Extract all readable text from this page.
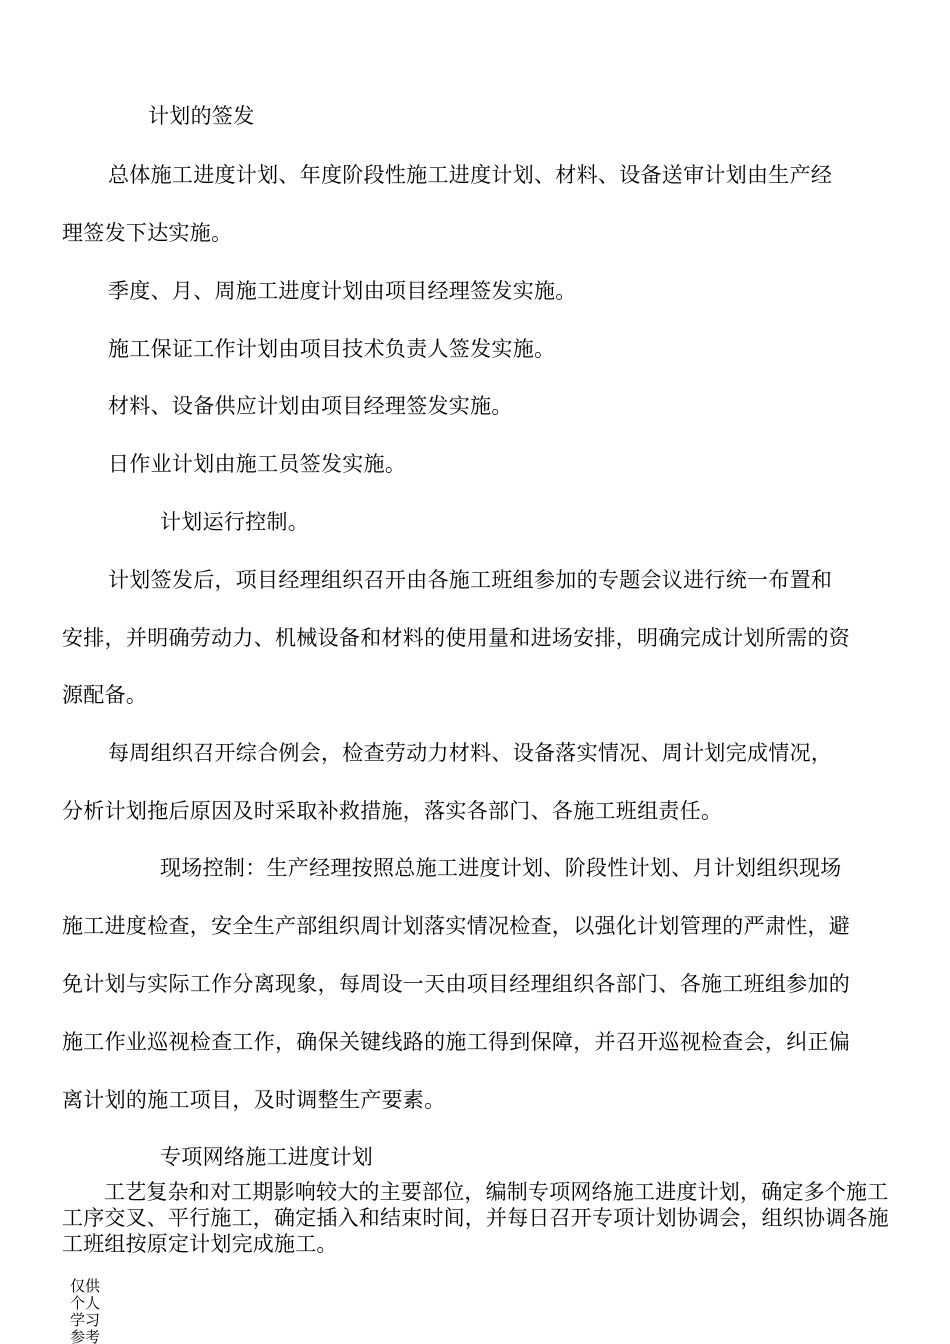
计划的签发
总体施工进度计划、年度阶段性施工进度计划、材料、设备送审计划由生产经
理签发下达实施。
季度、月、周施工进度计划由项目经理签发实施。
施工保证工作计划由项目技术负责人签发实施。
材料、设备供应计划由项目经理签发实施。
日作业计划由施工员签发实施。
计划运行控制。
计划签发后，项目经理组织召开由各施工班组参加的专题会议进行统一布置和
安排，并明确劳动力、机械设备和材料的使用量和进场安排，明确完成计划所需的资
源配备。
每周组织召开综合例会，检查劳动力材料、设备落实情况、周计划完成情况，
分析计划拖后原因及时采取补救措施，落实各部门、各施工班组责任。
现场控制：生产经理按照总施工进度计划、阶段性计划、月计划组织现场
施工进度检查，安全生产部组织周计划落实情况检查，以强化计划管理的严肃性，避
免计划与实际工作分离现象，每周设一天由项目经理组织各部门、各施工班组参加的
施工作业巡视检查工作，确保关键线路的施工得到保障，并召开巡视检查会，纠正偏
离计划的施工项目，及时调整生产要素。
专项网络施工进度计划

工艺复杂和对工期影响较大的主要部位，编制专项网络施工进度计划，确定多个施工工序交叉、平行施工，确定插入和结束时间，并每日召开专项计划协调会，组织协调各施工班组按原定计划完成施工。

仅供个人学习参考
